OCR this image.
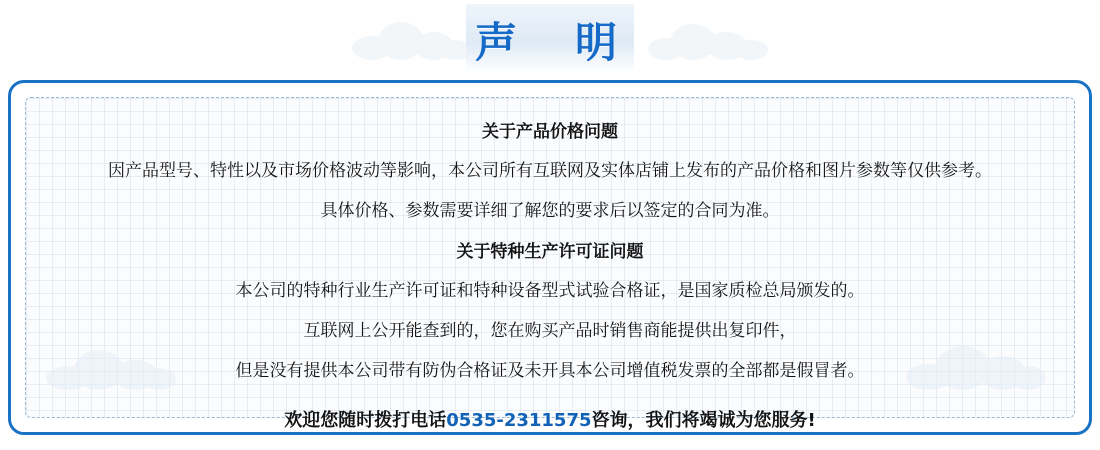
声　明
关于产品价格问题
因产品型号、特性以及市场价格波动等影响，本公司所有互联网及实体店铺上发布的产品价格和图片参数等仅供参考。
具体价格、参数需要详细了解您的要求后以签定的合同为准。
关于特种生产许可证问题
本公司的特种行业生产许可证和特种设备型式试验合格证，是国家质检总局颁发的。
互联网上公开能查到的，您在购买产品时销售商能提供出复印件，
但是没有提供本公司带有防伪合格证及未开具本公司增值税发票的全部都是假冒者。
欢迎您随时拨打电话0535-2311575咨询，我们将竭诚为您服务!
